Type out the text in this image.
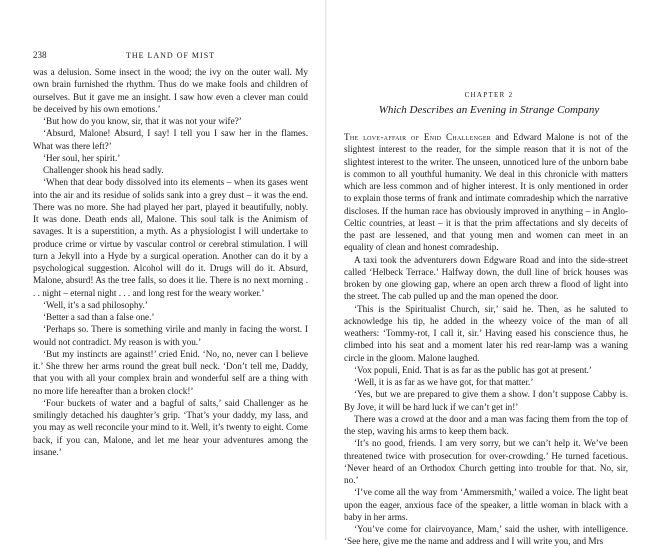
238	THE LAND OF MIST

was a delusion. Some insect in the wood; the ivy on the outer wall. My own brain furnished the rhythm. Thus do we make fools and children of ourselves. But it gave me an insight. I saw how even a clever man could be deceived by his own emotions.’

‘But how do you know, sir, that it was not your wife?’

‘Absurd, Malone! Absurd, I say! I tell you I saw her in the flames. What was there left?’

‘Her soul, her spirit.’

Challenger shook his head sadly.

‘When that dear body dissolved into its elements – when its gases went into the air and its residue of solids sank into a grey dust – it was the end. There was no more. She had played her part, played it beautifully, nobly. It was done. Death ends all, Malone. This soul talk is the Animism of savages. It is a superstition, a myth. As a physiologist I will undertake to produce crime or virtue by vascular control or cerebral stimulation. I will turn a Jekyll into a Hyde by a surgical operation. Another can do it by a psychological suggestion. Alcohol will do it. Drugs will do it. Absurd, Malone, absurd! As the tree falls, so does it lie. There is no next morning . . . night – eternal night . . . and long rest for the weary worker.’

‘Well, it’s a sad philosophy.’

‘Better a sad than a false one.’

‘Perhaps so. There is something virile and manly in facing the worst. I would not contradict. My reason is with you.’

‘But my instincts are against!’ cried Enid. ‘No, no, never can I believe it.’ She threw her arms round the great bull neck. ‘Don’t tell me, Daddy, that you with all your complex brain and wonderful self are a thing with no more life hereafter than a broken clock!’

‘Four buckets of water and a bagful of salts,’ said Challenger as he smilingly detached his daughter’s grip. ‘That’s your daddy, my lass, and you may as well reconcile your mind to it. Well, it’s twenty to eight. Come back, if you can, Malone, and let me hear your adventures among the insane.’

CHAPTER 2
Which Describes an Evening in Strange Company

The love-affair of Enid Challenger and Edward Malone is not of the slightest interest to the reader, for the simple reason that it is not of the slightest interest to the writer. The unseen, unnoticed lure of the unborn babe is common to all youthful humanity. We deal in this chronicle with matters which are less common and of higher interest. It is only mentioned in order to explain those terms of frank and intimate comradeship which the narrative discloses. If the human race has obviously improved in anything – in Anglo-Celtic countries, at least – it is that the prim affectations and sly deceits of the past are lessened, and that young men and women can meet in an equality of clean and honest comradeship.

A taxi took the adventurers down Edgware Road and into the side-street called ‘Helbeck Terrace.’ Halfway down, the dull line of brick houses was broken by one glowing gap, where an open arch threw a flood of light into the street. The cab pulled up and the man opened the door.

‘This is the Spiritualist Church, sir,’ said he. Then, as he saluted to acknowledge his tip, he added in the wheezy voice of the man of all weathers: ‘Tommy-rot, I call it, sir.’ Having eased his conscience thus, he climbed into his seat and a moment later his red rear-lamp was a waning circle in the gloom. Malone laughed.

‘Vox populi, Enid. That is as far as the public has got at present.’

‘Well, it is as far as we have got, for that matter.’

‘Yes, but we are prepared to give them a show. I don’t suppose Cabby is. By Jove, it will be hard luck if we can’t get in!’

There was a crowd at the door and a man was facing them from the top of the step, waving his arms to keep them back.

‘It’s no good, friends. I am very sorry, but we can’t help it. We’ve been threatened twice with prosecution for over-crowding.’ He turned facetious. ‘Never heard of an Orthodox Church getting into trouble for that. No, sir, no.’

‘I’ve come all the way from ‘Ammersmith,’ wailed a voice. The light beat upon the eager, anxious face of the speaker, a little woman in black with a baby in her arms.

‘You’ve come for clairvoyance, Mam,’ said the usher, with intelligence. ‘See here, give me the name and address and I will write you, and Mrs
